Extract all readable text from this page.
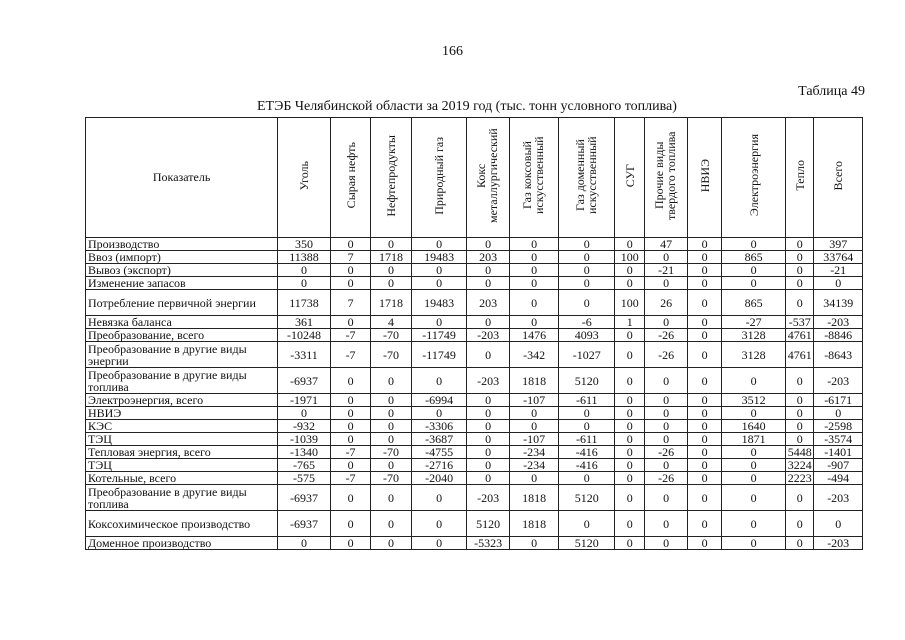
166
Таблица 49
ЕТЭБ Челябинской области за 2019 год (тыс. тонн условного топлива)
Показатель	Уголь	Сырая нефть	Нефтепродукты	Природный газ	Кокс металлургический	Газ коксовый искусственный	Газ доменный искусственный	СУГ	Прочие виды твердого топлива	НВИЭ	Электроэнергия	Тепло	Всего
Производство	350	0	0	0	0	0	0	0	47	0	0	0	397
Ввоз (импорт)	11388	7	1718	19483	203	0	0	100	0	0	865	0	33764
Вывоз (экспорт)	0	0	0	0	0	0	0	0	-21	0	0	0	-21
Изменение запасов	0	0	0	0	0	0	0	0	0	0	0	0	0
Потребление первичной энергии	11738	7	1718	19483	203	0	0	100	26	0	865	0	34139
Невязка баланса	361	0	4	0	0	0	-6	1	0	0	-27	-537	-203
Преобразование, всего	-10248	-7	-70	-11749	-203	1476	4093	0	-26	0	3128	4761	-8846
Преобразование в другие виды энергии	-3311	-7	-70	-11749	0	-342	-1027	0	-26	0	3128	4761	-8643
Преобразование в другие виды топлива	-6937	0	0	0	-203	1818	5120	0	0	0	0	0	-203
Электроэнергия, всего	-1971	0	0	-6994	0	-107	-611	0	0	0	3512	0	-6171
НВИЭ	0	0	0	0	0	0	0	0	0	0	0	0	0
КЭС	-932	0	0	-3306	0	0	0	0	0	0	1640	0	-2598
ТЭЦ	-1039	0	0	-3687	0	-107	-611	0	0	0	1871	0	-3574
Тепловая энергия, всего	-1340	-7	-70	-4755	0	-234	-416	0	-26	0	0	5448	-1401
ТЭЦ	-765	0	0	-2716	0	-234	-416	0	0	0	0	3224	-907
Котельные, всего	-575	-7	-70	-2040	0	0	0	0	-26	0	0	2223	-494
Преобразование в другие виды топлива	-6937	0	0	0	-203	1818	5120	0	0	0	0	0	-203
Коксохимическое производство	-6937	0	0	0	5120	1818	0	0	0	0	0	0	0
Доменное производство	0	0	0	0	-5323	0	5120	0	0	0	0	0	-203
